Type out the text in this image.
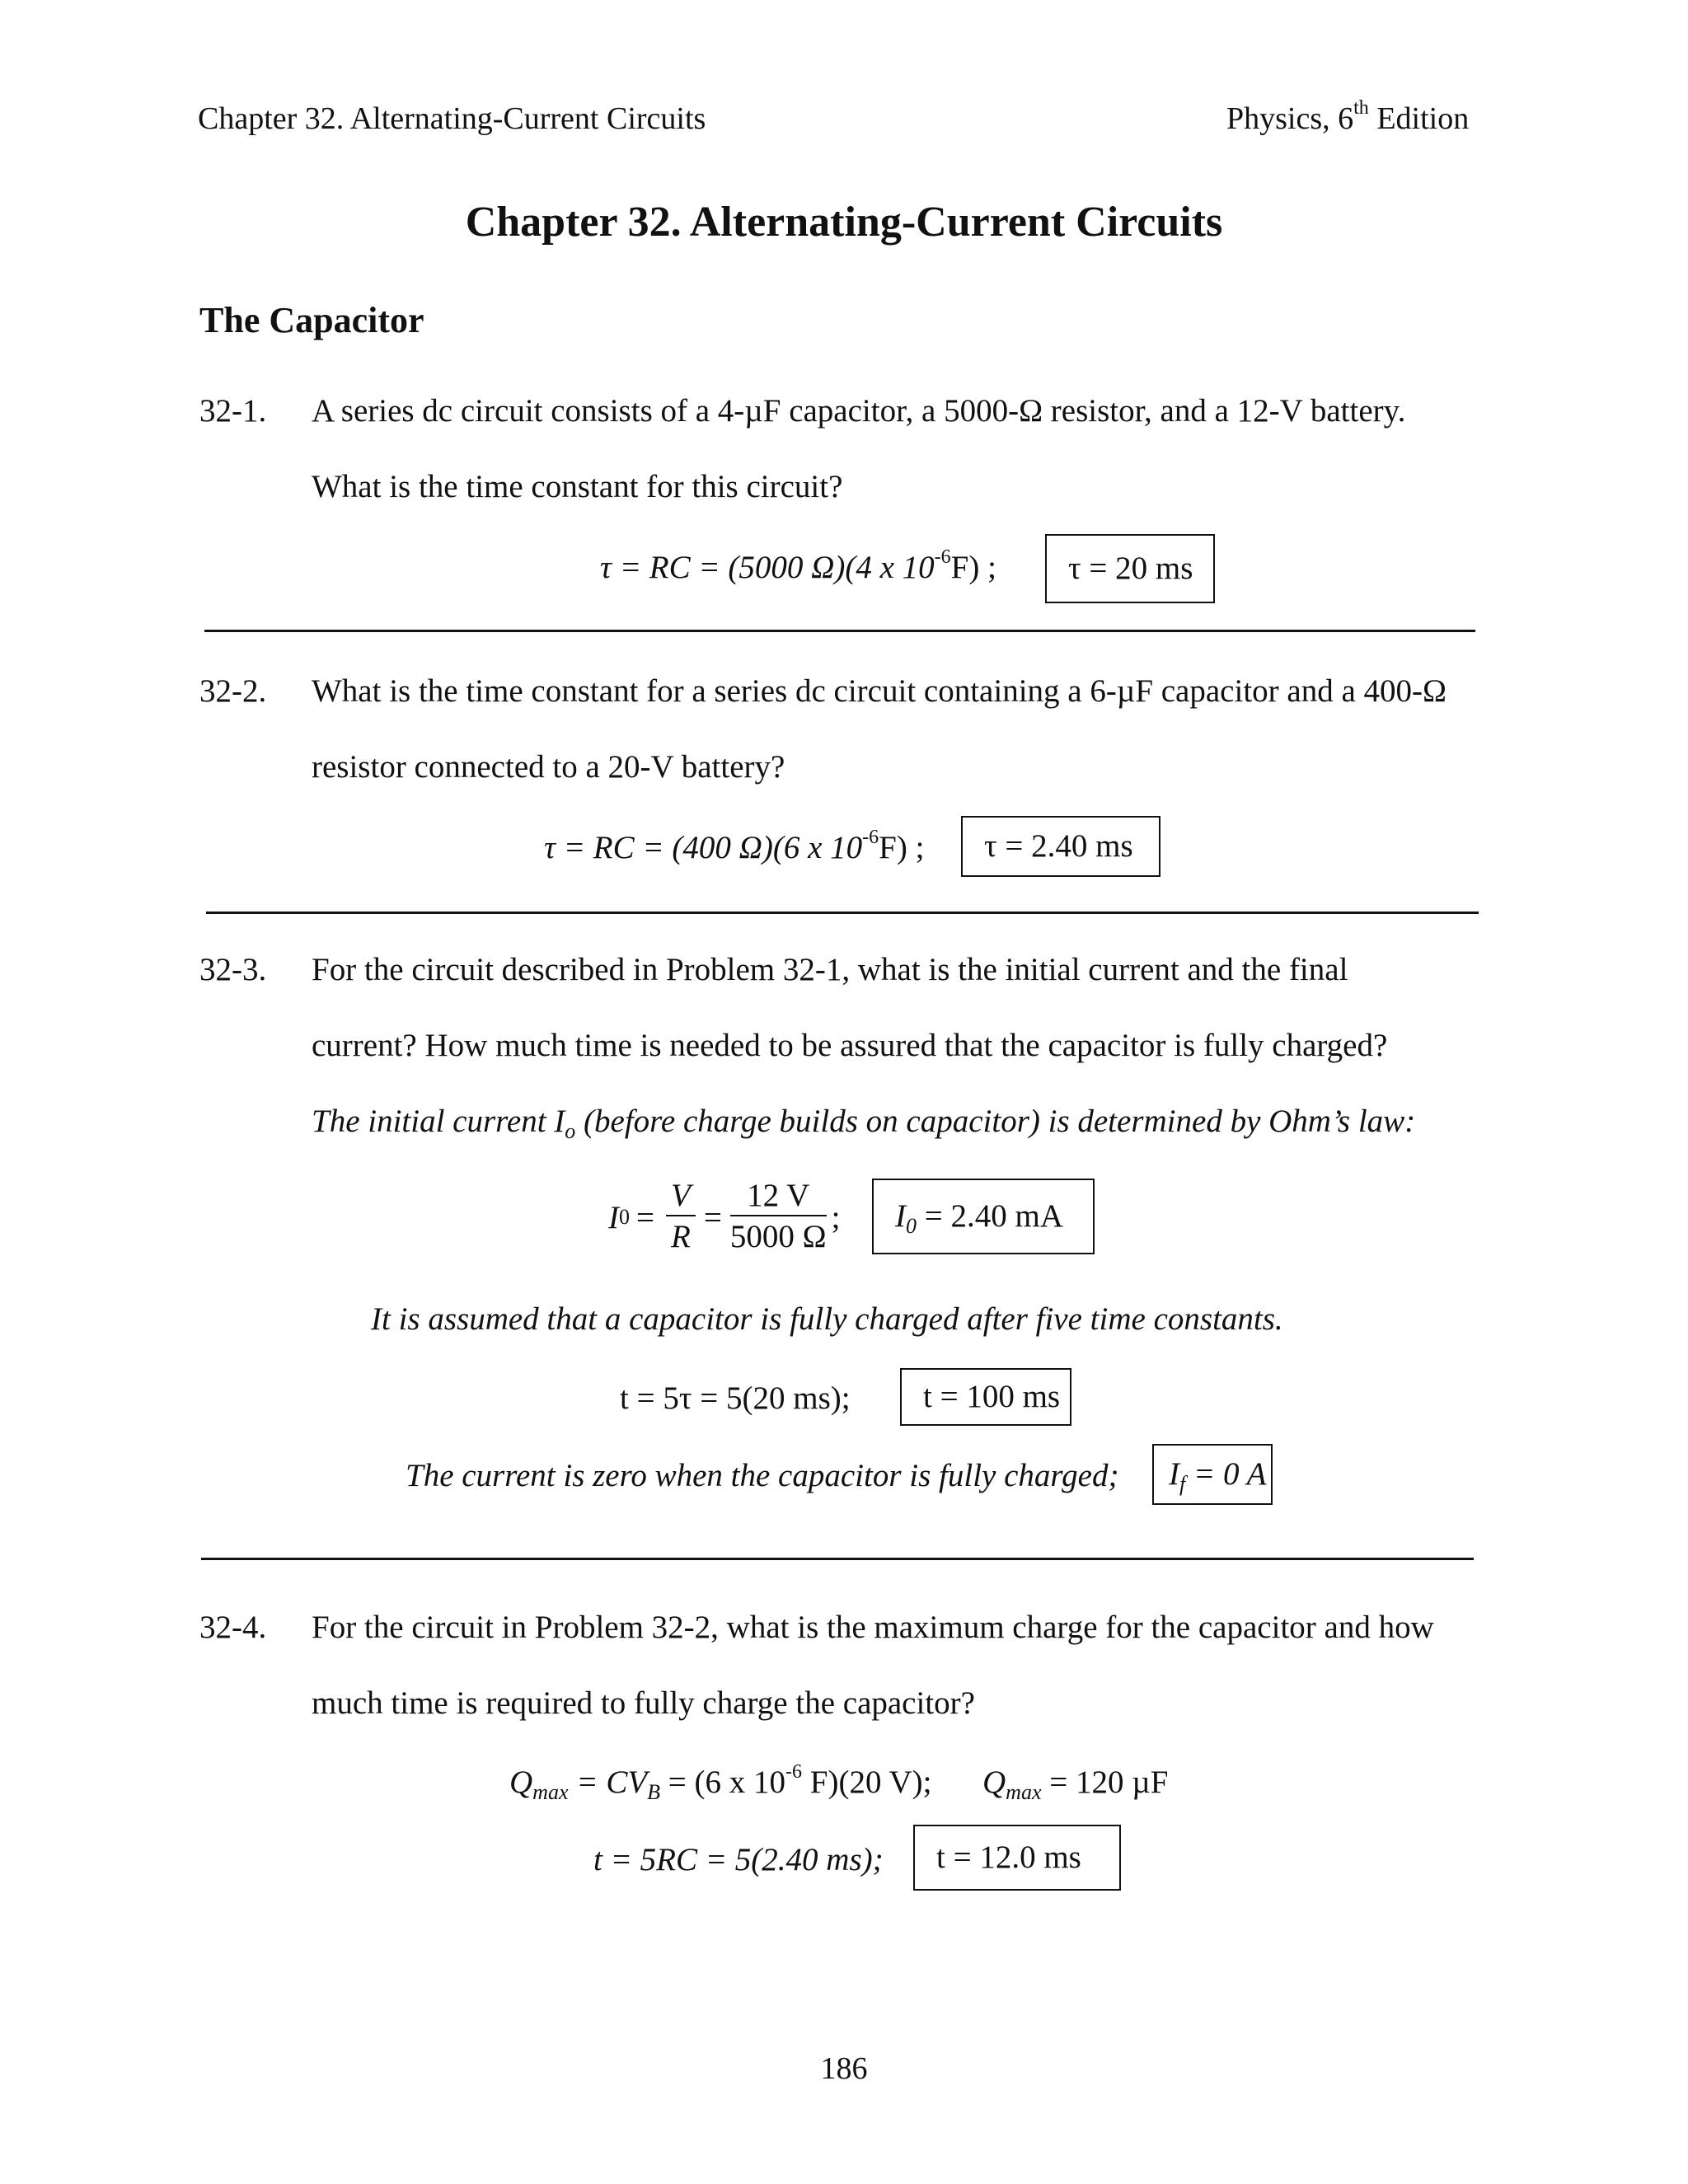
Chapter 32. Alternating-Current Circuits	Physics, 6th Edition
Chapter 32. Alternating-Current Circuits
The Capacitor
32-1. A series dc circuit consists of a 4-µF capacitor, a 5000-Ω resistor, and a 12-V battery.
What is the time constant for this circuit?
τ = RC = (5000 Ω)(4 x $10^{-6}F$) ;	τ = 20 ms
32-2. What is the time constant for a series dc circuit containing a 6-µF capacitor and a 400-Ω
resistor connected to a 20-V battery?
τ = RC = (400 Ω)(6 x $10^{-6}F$) ;	τ = 2.40 ms
32-3. For the circuit described in Problem 32-1, what is the initial current and the final
current? How much time is needed to be assured that the capacitor is fully charged?
The initial current $I_o$ (before charge builds on capacitor) is determined by Ohm’s law:
I $0 = \frac{V}{R} = \frac{12 V}{5000 \Omega}$ ;	$I_0 = 2.40$ mA
It is assumed that a capacitor is fully charged after five time constants.
t = 5τ = 5(20 ms);	t = 100 ms
The current is zero when the capacitor is fully charged;	$I_f = 0$ A
32-4. For the circuit in Problem 32-2, what is the maximum charge for the capacitor and how
much time is required to fully charge the capacitor?
$Q_{max} = CV_B = (6$ x $10^{-6}$ F)(20 V); $Q_{max} = 120$ µF
t = 5RC = 5(2.40 ms);	t = 12.0 ms
186
